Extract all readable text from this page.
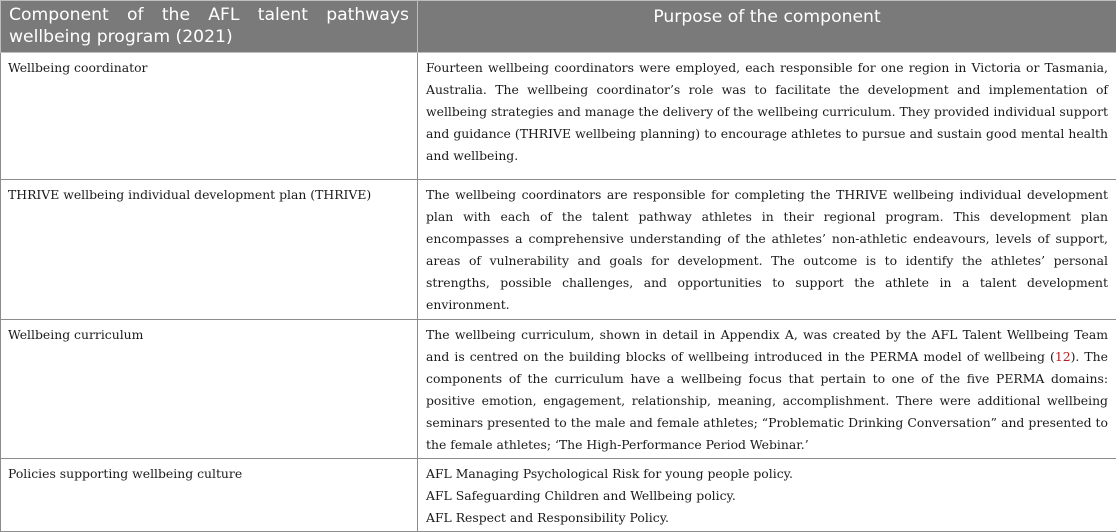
Component of the AFL talent pathways wellbeing program (2021)	Purpose of the component
Wellbeing coordinator	Fourteen wellbeing coordinators were employed, each responsible for one region in Victoria or Tasmania, Australia. The wellbeing coordinator’s role was to facilitate the development and implementation of wellbeing strategies and manage the delivery of the wellbeing curriculum. They provided individual support and guidance (THRIVE wellbeing planning) to encourage athletes to pursue and sustain good mental health and wellbeing.
THRIVE wellbeing individual development plan (THRIVE)	The wellbeing coordinators are responsible for completing the THRIVE wellbeing individual development plan with each of the talent pathway athletes in their regional program. This development plan encompasses a comprehensive understanding of the athletes’ non-athletic endeavours, levels of support, areas of vulnerability and goals for development. The outcome is to identify the athletes’ personal strengths, possible challenges, and opportunities to support the athlete in a talent development environment.
Wellbeing curriculum	The wellbeing curriculum, shown in detail in Appendix A, was created by the AFL Talent Wellbeing Team and is centred on the building blocks of wellbeing introduced in the PERMA model of wellbeing (12). The components of the curriculum have a wellbeing focus that pertain to one of the five PERMA domains: positive emotion, engagement, relationship, meaning, accomplishment. There were additional wellbeing seminars presented to the male and female athletes; “Problematic Drinking Conversation” and presented to the female athletes; ‘The High-Performance Period Webinar.’
Policies supporting wellbeing culture	AFL Managing Psychological Risk for young people policy.
AFL Safeguarding Children and Wellbeing policy.
AFL Respect and Responsibility Policy.
